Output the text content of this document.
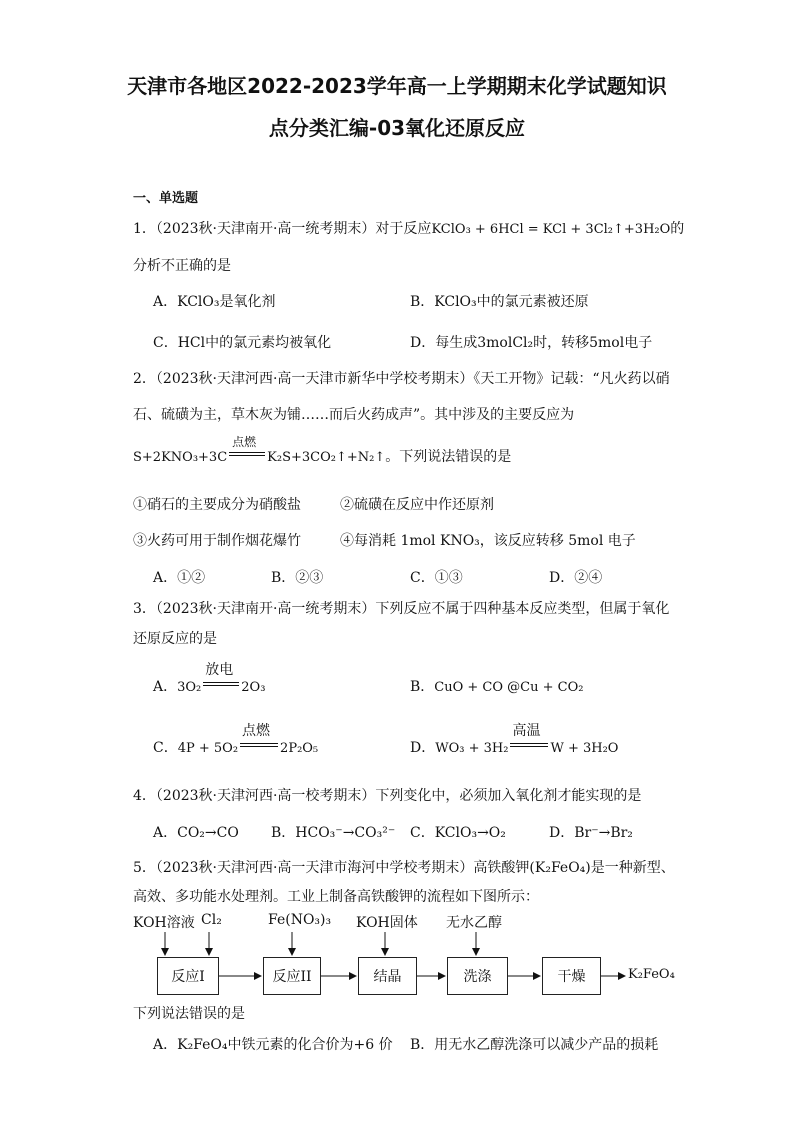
天津市各地区2022-2023学年高一上学期期末化学试题知识
点分类汇编-03氧化还原反应
一、单选题
1．（2023秋·天津南开·高一统考期末）对于反应KClO₃ + 6HCl = KCl + 3Cl₂↑+3H₂O的
分析不正确的是
A．KClO₃是氧化剂	B．KClO₃中的氯元素被还原
C．HCl中的氯元素均被氧化	D．每生成3molCl₂时，转移5mol电子
2．（2023秋·天津河西·高一天津市新华中学校考期末）《天工开物》记载：“凡火药以硝
石、硫磺为主，草木灰为铺……而后火药成声”。其中涉及的主要反应为
S+2KNO₃+3C
点燃
K₂S+3CO₂↑+N₂↑。下列说法错误的是
①硝石的主要成分为硝酸盐	②硫磺在反应中作还原剂
③火药可用于制作烟花爆竹	④每消耗 1mol KNO₃，该反应转移 5mol 电子
A．①②	B．②③	C．①③	D．②④
3．（2023秋·天津南开·高一统考期末）下列反应不属于四种基本反应类型，但属于氧化
还原反应的是
A．3O₂
放电
2O₃	B．CuO + CO @Cu + CO₂
C．4P + 5O₂
点燃
2P₂O₅	D．WO₃ + 3H₂
高温
W + 3H₂O
4．（2023秋·天津河西·高一校考期末）下列变化中，必须加入氧化剂才能实现的是
A．CO₂→CO B．HCO₃⁻→CO₃²⁻ C．KClO₃→O₂	D．Br⁻→Br₂
5．（2023秋·天津河西·高一天津市海河中学校考期末）高铁酸钾(K₂FeO₄)是一种新型、
高效、多功能水处理剂。工业上制备高铁酸钾的流程如下图所示：
KOH溶液 Cl₂	Fe(NO₃)₃ KOH固体 无水乙醇
反应I	反应II	结晶	洗涤	干燥	K₂FeO₄
下列说法错误的是
A．K₂FeO₄中铁元素的化合价为+6 价 B．用无水乙醇洗涤可以减少产品的损耗
